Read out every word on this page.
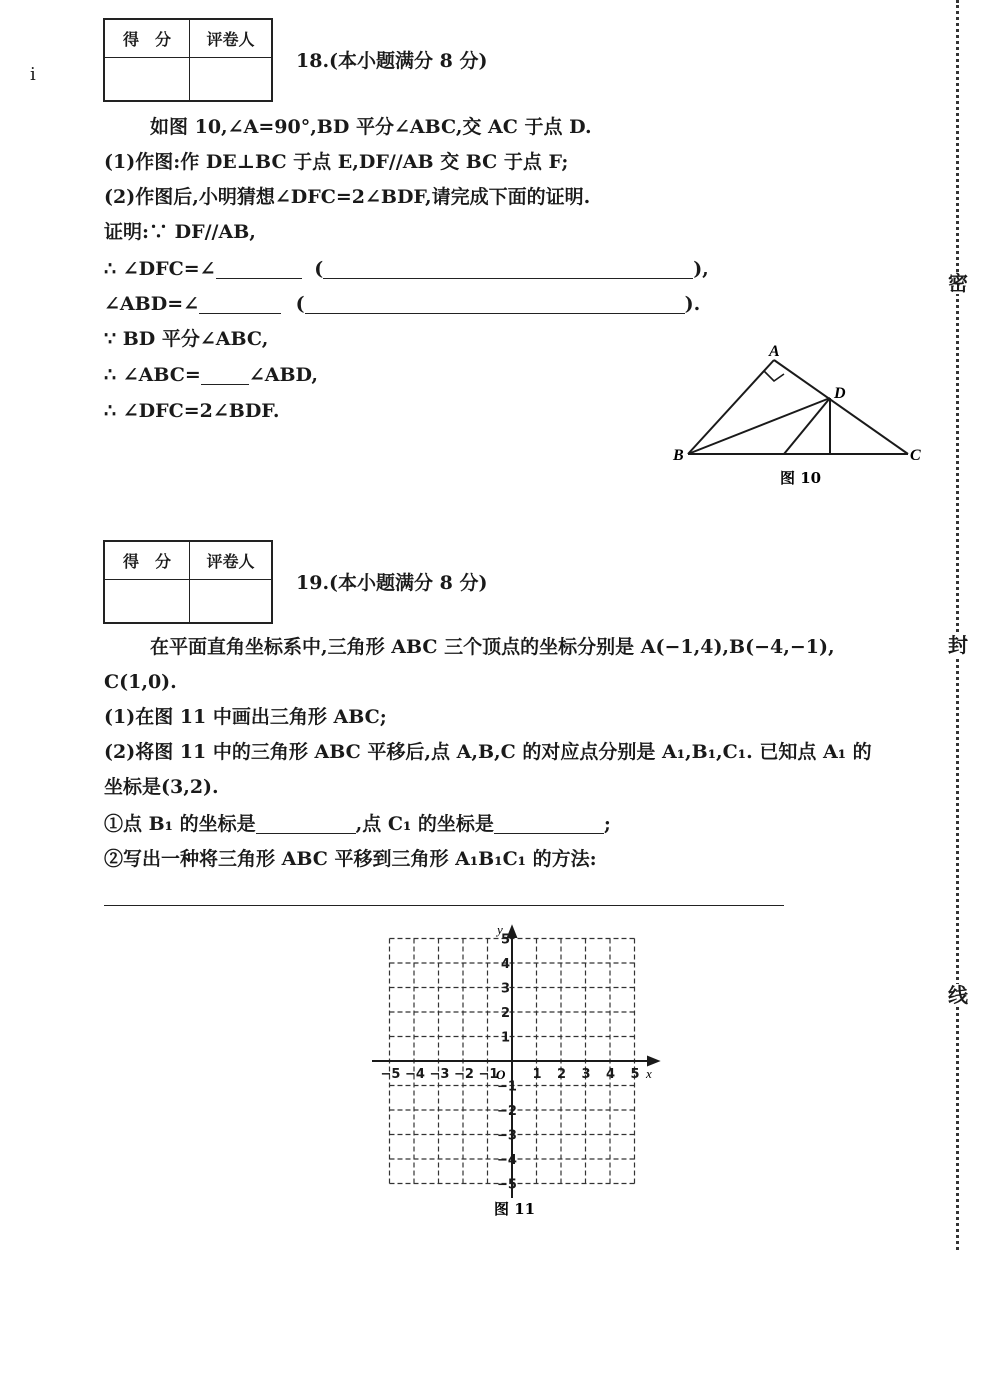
i
密
封
线
得　分	评卷人

18.(本小题满分 8 分)
如图 10,∠A=90°,BD 平分∠ABC,交 AC 于点 D.
(1)作图:作 DE⊥BC 于点 E,DF//AB 交 BC 于点 F;
(2)作图后,小明猜想∠DFC=2∠BDF,请完成下面的证明.
证明:∵ DF//AB,
∴ ∠DFC=∠	(	),
∠ABD=∠	(	).
∵ BD 平分∠ABC,
∴ ∠ABC=	∠ABD,
∴ ∠DFC=2∠BDF.
A
D
B	C
图 10
得　分	评卷人

19.(本小题满分 8 分)
在平面直角坐标系中,三角形 ABC 三个顶点的坐标分别是 A(−1,4),B(−4,−1),
C(1,0).
(1)在图 11 中画出三角形 ABC;
(2)将图 11 中的三角形 ABC 平移后,点 A,B,C 的对应点分别是 A₁,B₁,C₁. 已知点 A₁ 的
坐标是(3,2).
①点 B₁ 的坐标是	,点 C₁ 的坐标是	;
②写出一种将三角形 ABC 平移到三角形 A₁B₁C₁ 的方法:
−5 −4 −3 −2 −1	1 2 3 4 5
5
4
3
2
1
−1
−2
−3
−4
−5
x
y
O
图 11
